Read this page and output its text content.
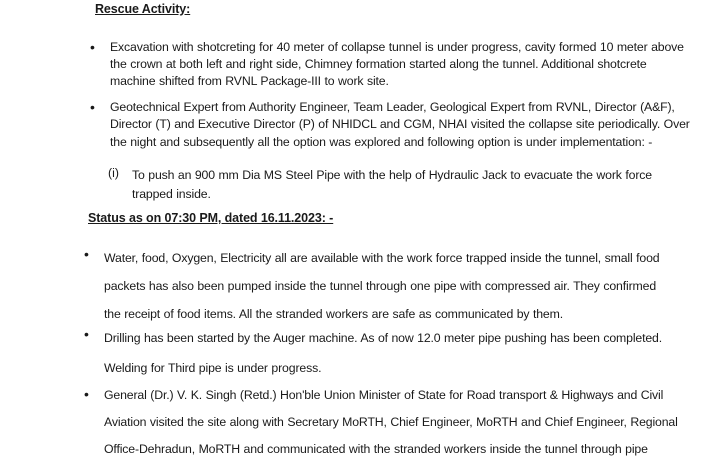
Rescue Activity:
• Excavation with shotcreting for 40 meter of collapse tunnel is under progress, cavity formed 10 meter above
the crown at both left and right side, Chimney formation started along the tunnel. Additional shotcrete
machine shifted from RVNL Package-III to work site.
• Geotechnical Expert from Authority Engineer, Team Leader, Geological Expert from RVNL, Director (A&F),
Director (T) and Executive Director (P) of NHIDCL and CGM, NHAI visited the collapse site periodically. Over
the night and subsequently all the option was explored and following option is under implementation: -
(i) To push an 900 mm Dia MS Steel Pipe with the help of Hydraulic Jack to evacuate the work force
trapped inside.
Status as on 07:30 PM, dated 16.11.2023: -
• Water, food, Oxygen, Electricity all are available with the work force trapped inside the tunnel, small food
packets has also been pumped inside the tunnel through one pipe with compressed air. They confirmed
the receipt of food items. All the stranded workers are safe as communicated by them.
• Drilling has been started by the Auger machine. As of now 12.0 meter pipe pushing has been completed.
Welding for Third pipe is under progress.
• General (Dr.) V. K. Singh (Retd.) Hon'ble Union Minister of State for Road transport & Highways and Civil
Aviation visited the site along with Secretary MoRTH, Chief Engineer, MoRTH and Chief Engineer, Regional
Office-Dehradun, MoRTH and communicated with the stranded workers inside the tunnel through pipe
